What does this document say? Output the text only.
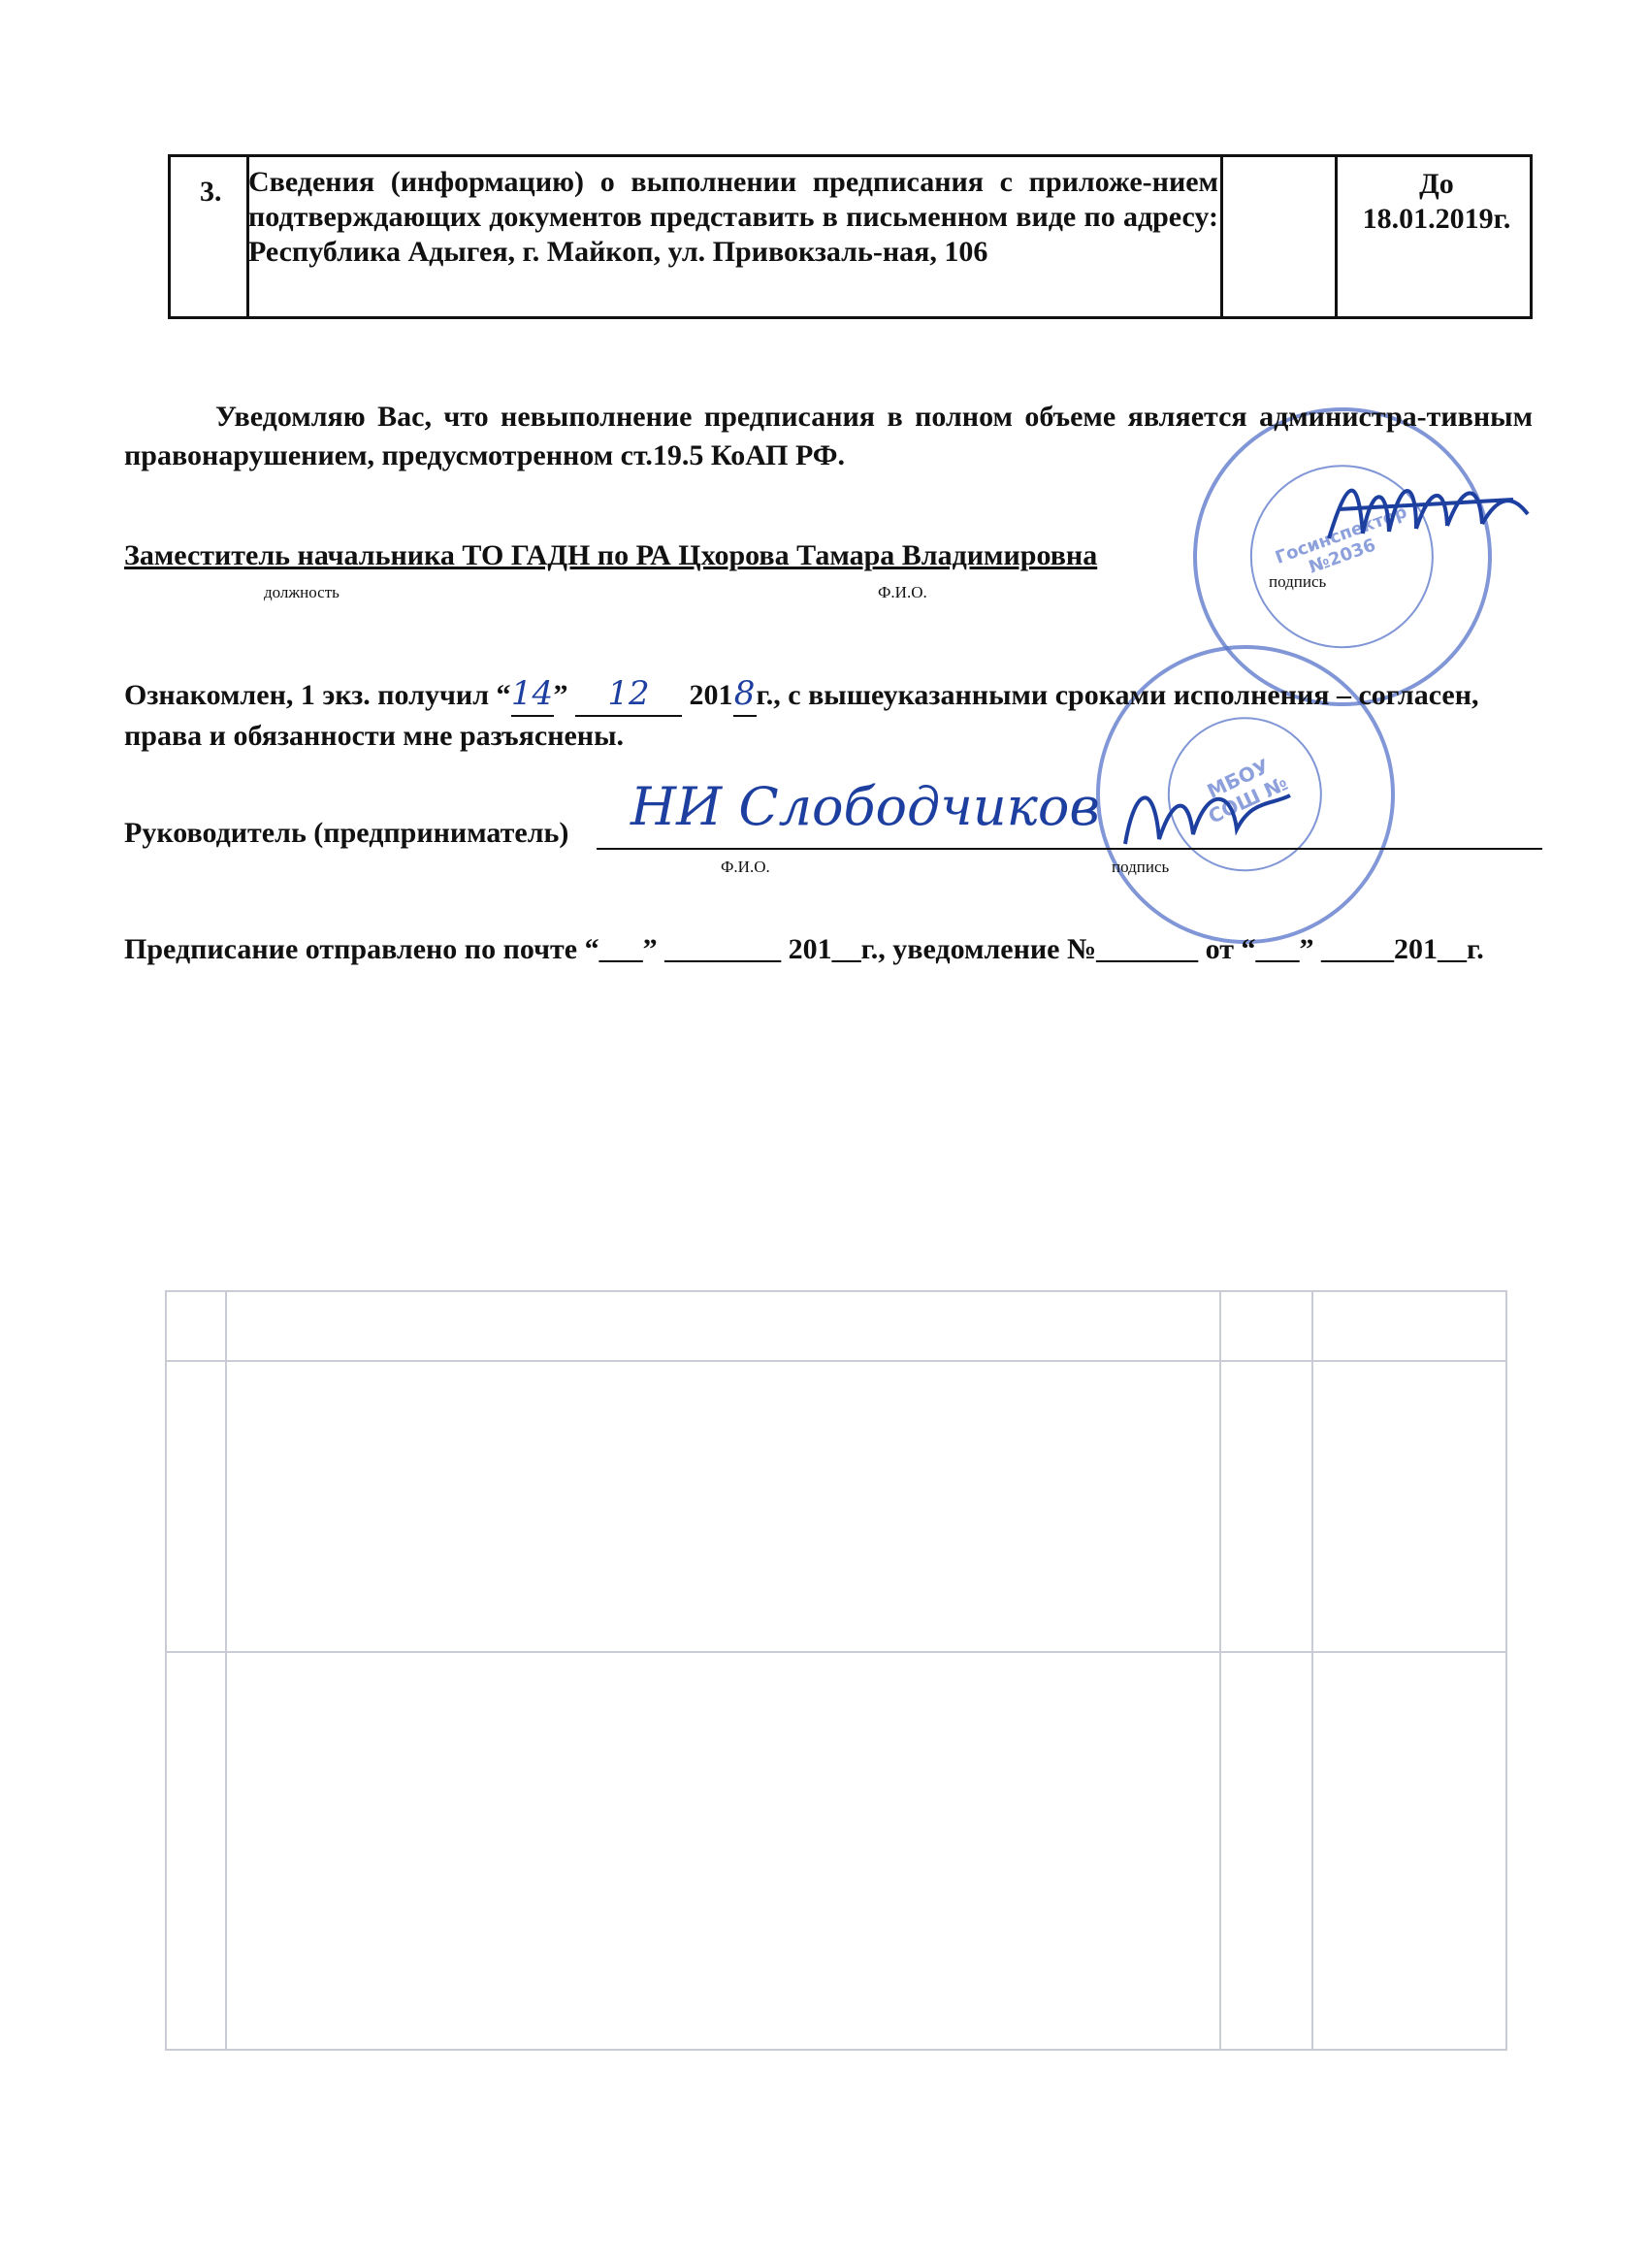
Госинспектор №2036
МБОУ СОШ №
3. Сведения (информацию) о выполнении предписания с приложе-нием подтверждающих документов представить в письменном виде по адресу: Республика Адыгея, г. Майкоп, ул. Привокзаль-ная, 106
До
18.01.2019г.
Уведомляю Вас, что невыполнение предписания в полном объеме является администра-тивным правонарушением, предусмотренном ст.19.5 КоАП РФ.
Заместитель начальника ТО ГАДН по РА Цхорова Тамара Владимировна
должность	Ф.И.О.
подпись
Ознакомлен, 1 экз. получил “14” 12 2018г., с вышеуказанными сроками исполнения – согласен,
права и обязанности мне разъяснены.
Руководитель (предприниматель) НИ Слободчиков
Ф.И.О.	подпись
Предписание отправлено по почте “___” ________ 201__г., уведомление №_______ от “___” _____201__г.
